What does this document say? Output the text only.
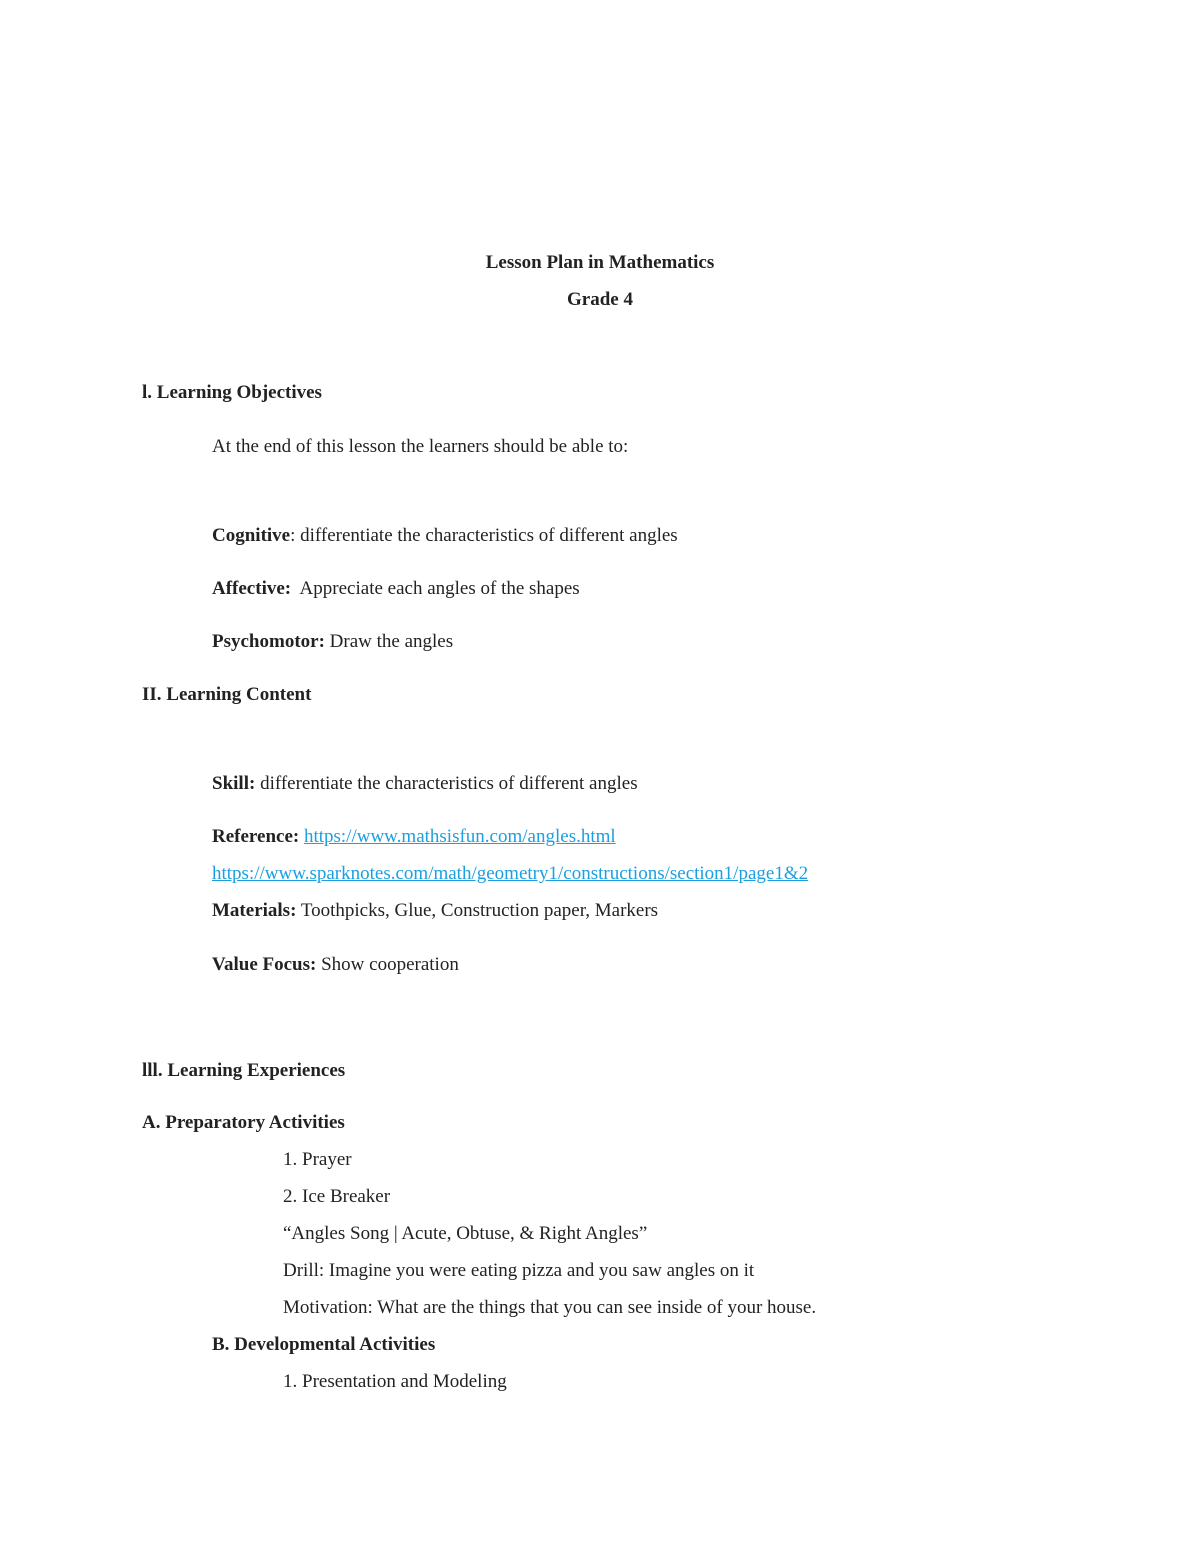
Lesson Plan in Mathematics
Grade 4
l. Learning Objectives
At the end of this lesson the learners should be able to:
Cognitive: differentiate the characteristics of different angles
Affective:  Appreciate each angles of the shapes
Psychomotor: Draw the angles
II. Learning Content
Skill: differentiate the characteristics of different angles
Reference: https://www.mathsisfun.com/angles.html
https://www.sparknotes.com/math/geometry1/constructions/section1/page1&2
Materials: Toothpicks, Glue, Construction paper, Markers
Value Focus: Show cooperation
lll. Learning Experiences
A. Preparatory Activities
1. Prayer
2. Ice Breaker
“Angles Song | Acute, Obtuse, & Right Angles”
Drill: Imagine you were eating pizza and you saw angles on it
Motivation: What are the things that you can see inside of your house.
B. Developmental Activities
1. Presentation and Modeling
